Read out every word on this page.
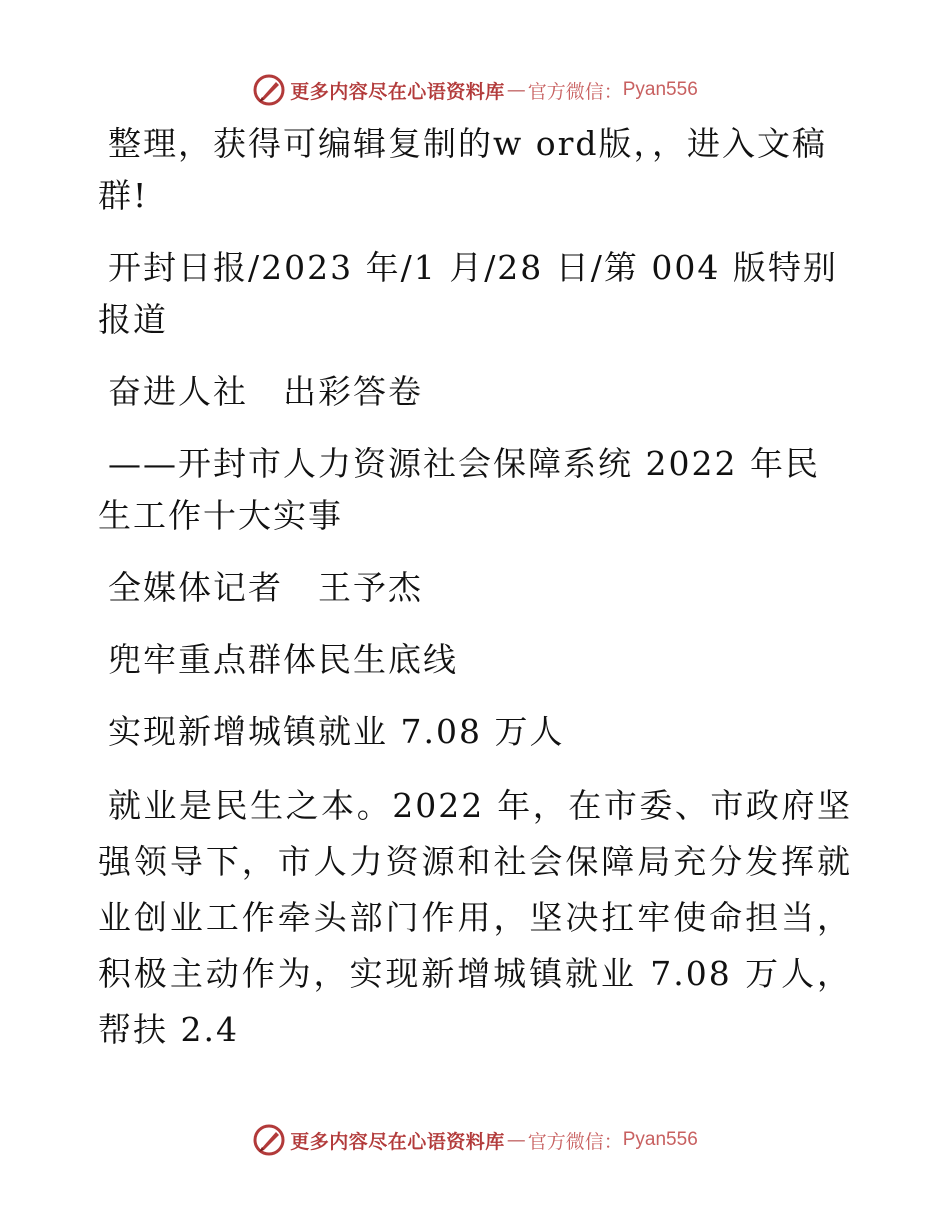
更多内容尽在心语资料库 — 官方微信： Pyan556

整理，获得可编辑复制的w ord版，，进入文稿群!

开封日报/2023 年/1 月/28 日/第 004 版特别报道

奋进人社　出彩答卷

——开封市人力资源社会保障系统 2022 年民生工作十大实事

全媒体记者　王予杰

兜牢重点群体民生底线

实现新增城镇就业 7.08 万人

就业是民生之本。2022 年，在市委、市政府坚强领导下，市人力资源和社会保障局充分发挥就业创业工作牵头部门作用，坚决扛牢使命担当，积极主动作为，实现新增城镇就业 7.08 万人，帮扶 2.4

更多内容尽在心语资料库 — 官方微信： Pyan556
